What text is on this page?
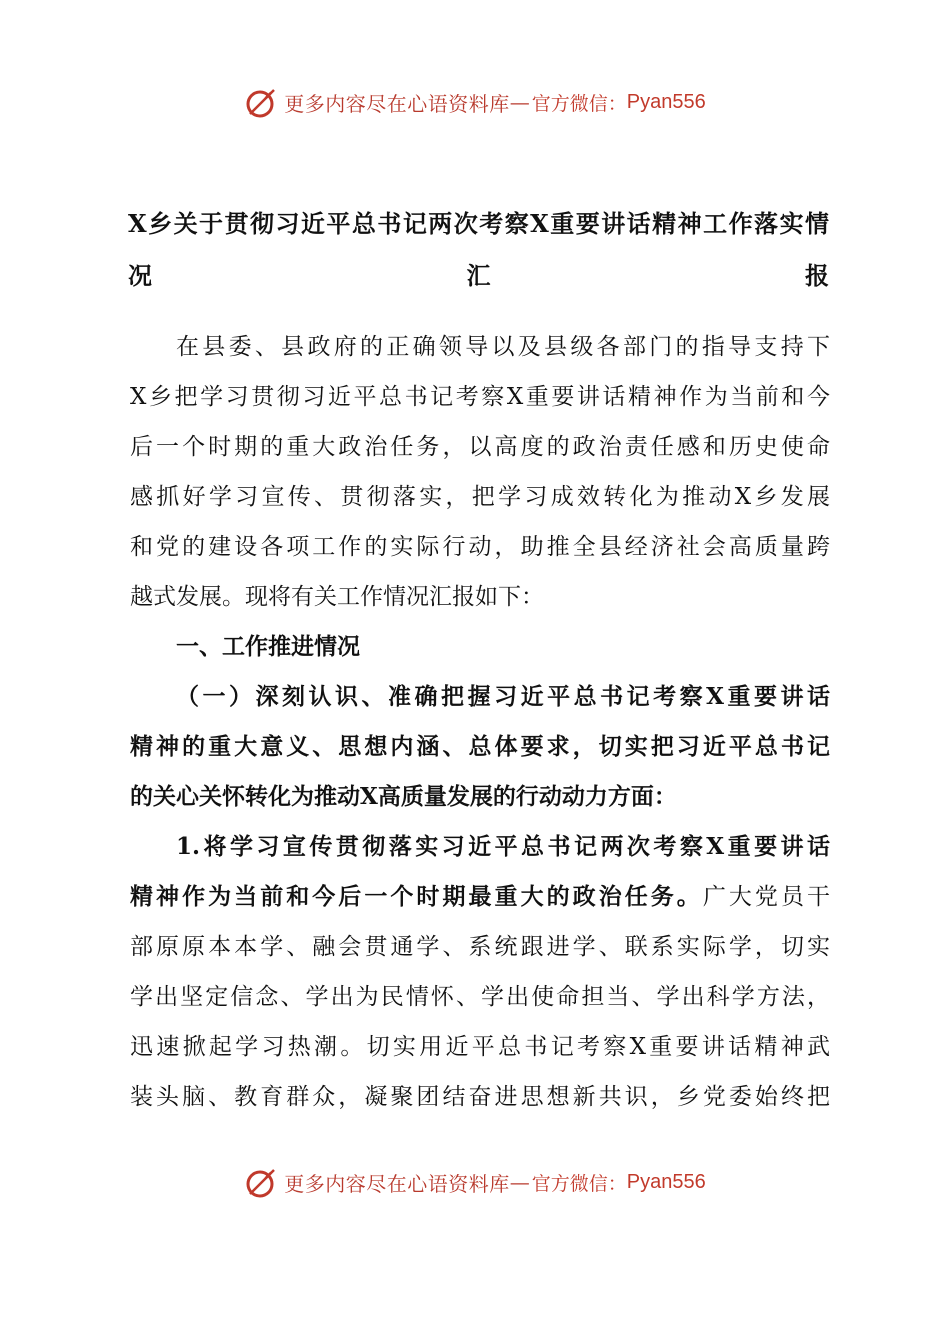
更多内容尽在心语资料库 — 官方微信： Pyan556
X乡关于贯彻习近平总书记两次考察X重要讲话精神工作落实情
况汇报
在县委、县政府的正确领导以及县级各部门的指导支持下
X乡把学习贯彻习近平总书记考察X重要讲话精神作为当前和今
后一个时期的重大政治任务，以高度的政治责任感和历史使命
感抓好学习宣传、贯彻落实，把学习成效转化为推动X乡发展
和党的建设各项工作的实际行动，助推全县经济社会高质量跨
越式发展。现将有关工作情况汇报如下：
一、工作推进情况
（一）深刻认识、准确把握习近平总书记考察X重要讲话
精神的重大意义、思想内涵、总体要求，切实把习近平总书记
的关心关怀转化为推动X高质量发展的行动动力方面：
1.将学习宣传贯彻落实习近平总书记两次考察X重要讲话
精神作为当前和今后一个时期最重大的政治任务。广大党员干
部原原本本学、融会贯通学、系统跟进学、联系实际学，切实
学出坚定信念、学出为民情怀、学出使命担当、学出科学方法，
迅速掀起学习热潮。切实用近平总书记考察X重要讲话精神武
装头脑、教育群众，凝聚团结奋进思想新共识，乡党委始终把
更多内容尽在心语资料库 — 官方微信： Pyan556
